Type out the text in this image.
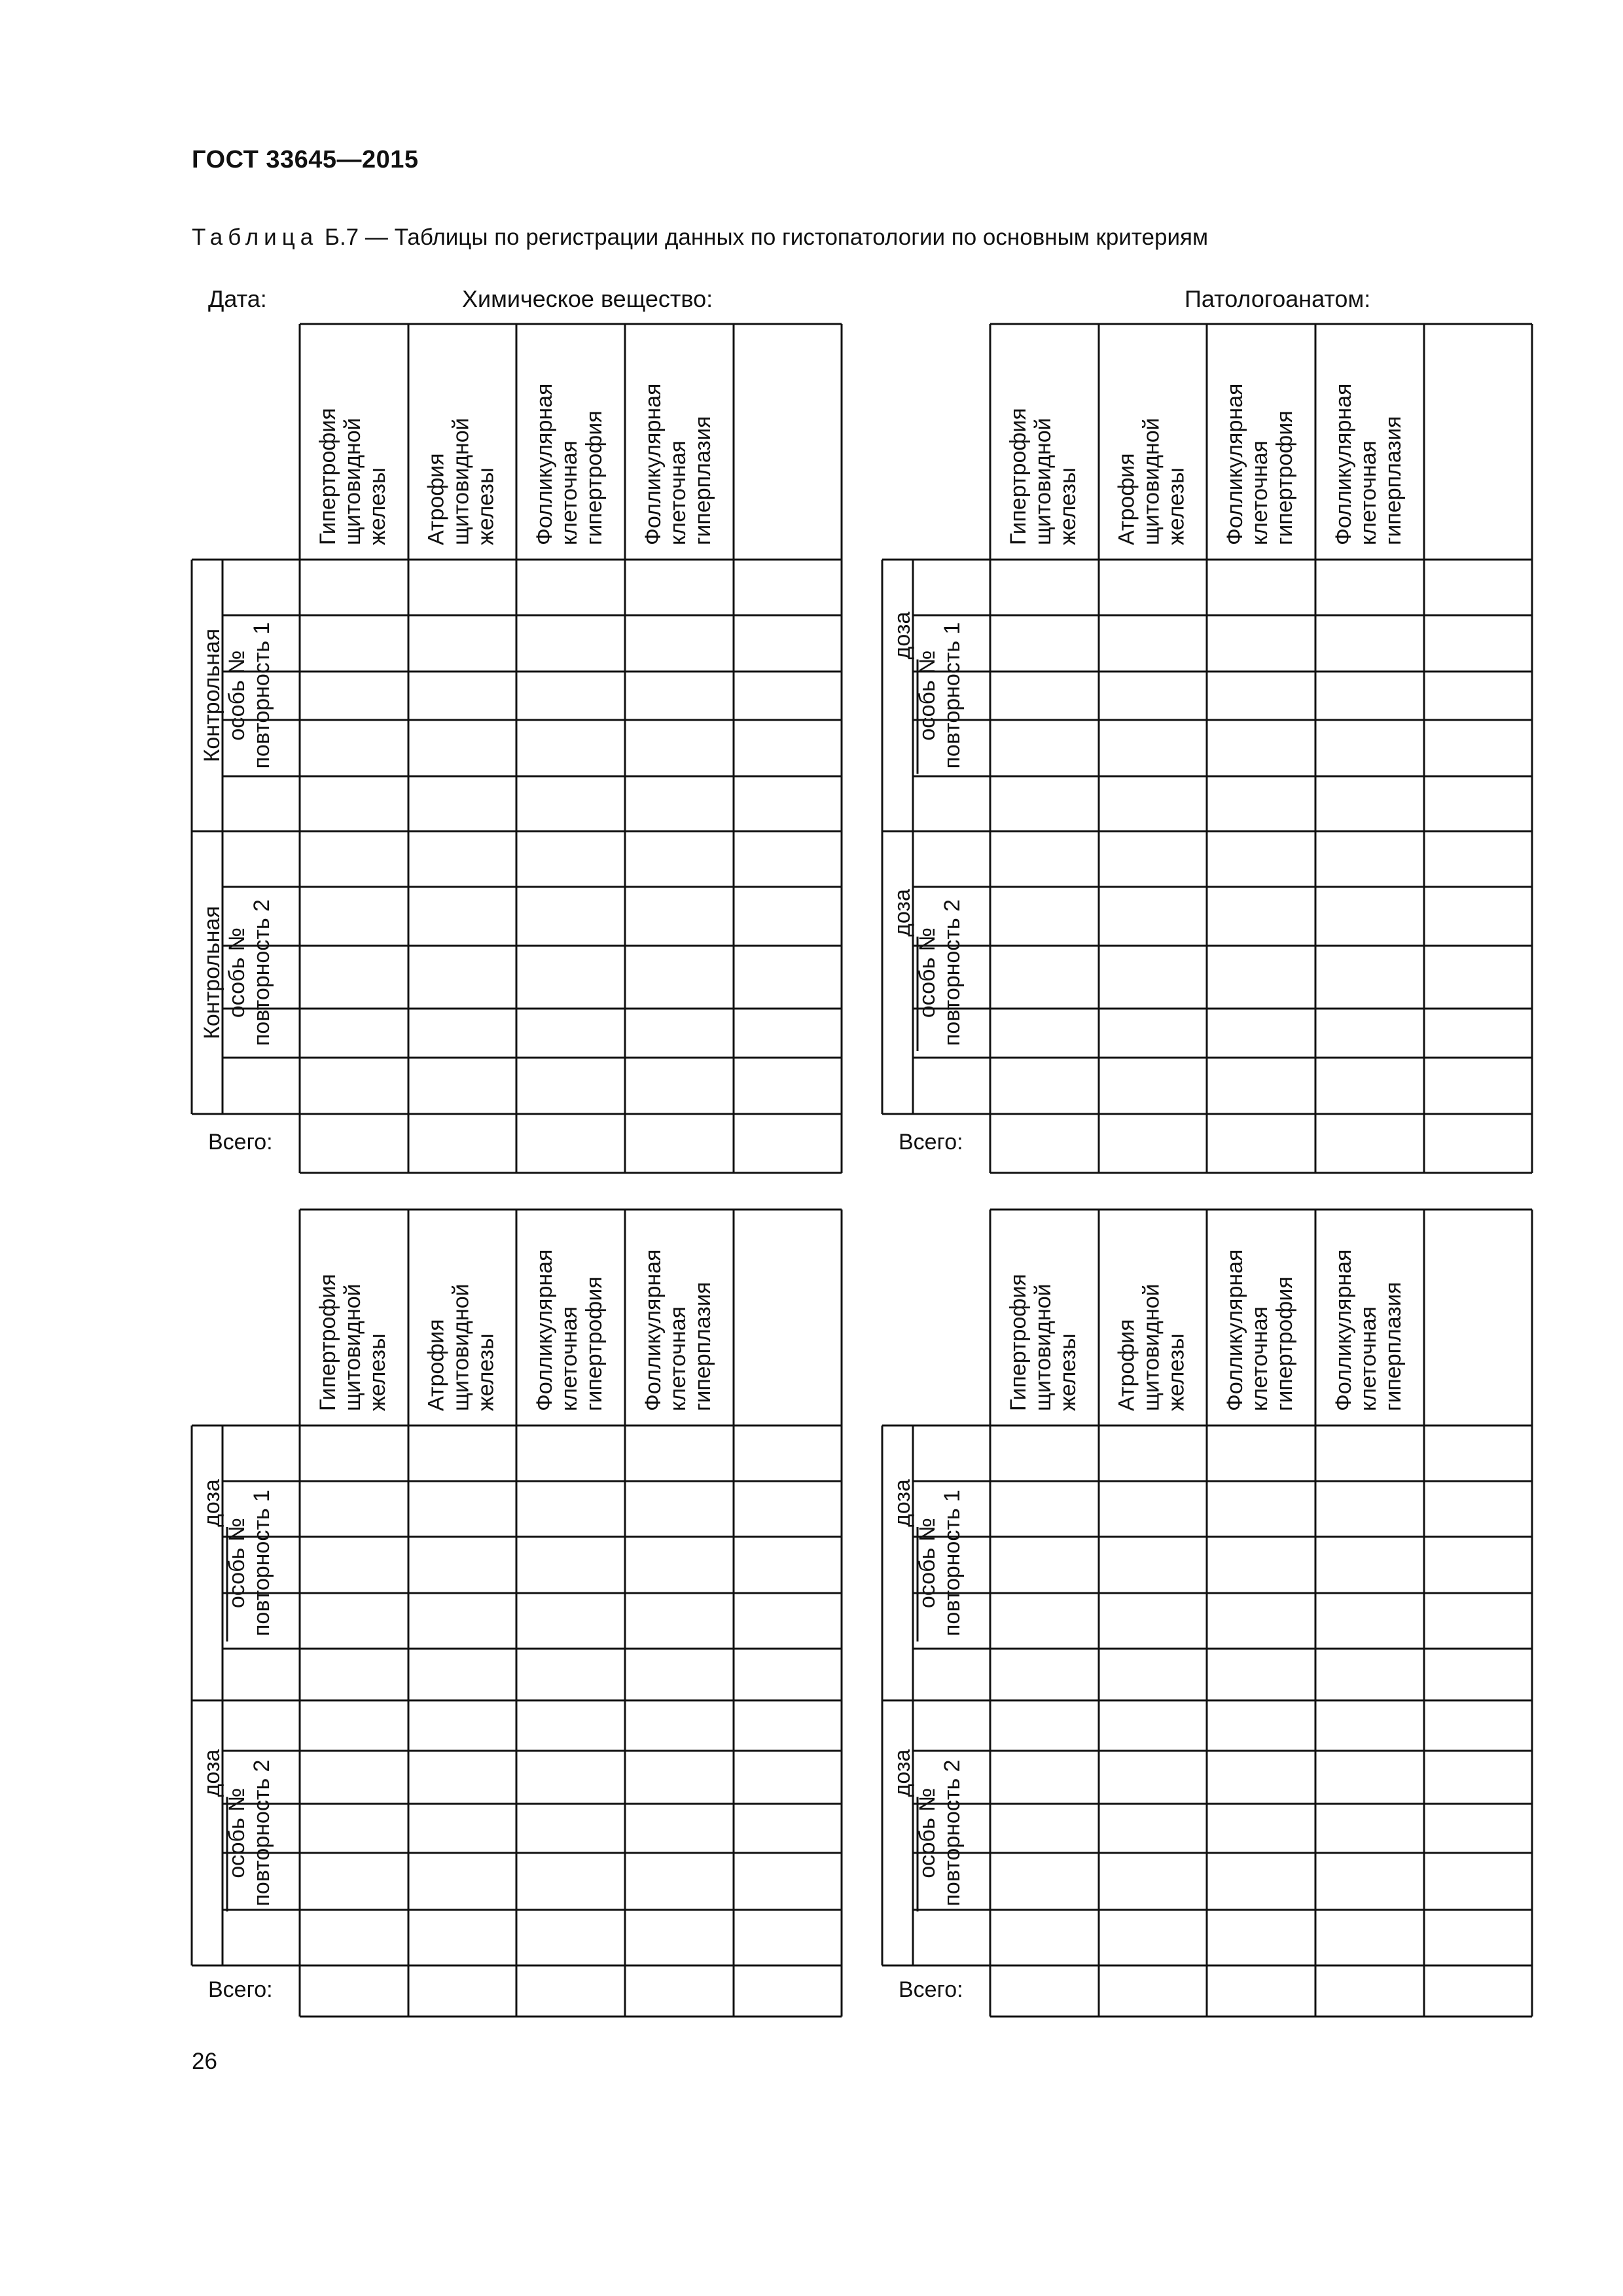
ГОСТ 33645—2015
Таблица Б.7 — Таблицы по регистрации данных по гистопатологии по основным критериям
Дата:	Химическое вещество:	Патологоанатом:
Гипертрофия щитовидной железы Атрофия щитовидной железы Фолликулярная клеточная гипертрофия Фолликулярная клеточная гиперплазия
Контрольная особь № повторность 1
Контрольная особь № повторность 2
Всего:
Гипертрофия щитовидной железы Атрофия щитовидной железы Фолликулярная клеточная гипертрофия Фолликулярная клеточная гиперплазия
доза
особь № повторность 1
доза
особь № повторность 2
Всего:
Гипертрофия щитовидной железы Атрофия щитовидной железы Фолликулярная клеточная гипертрофия Фолликулярная клеточная гиперплазия
доза
особь № повторность 1
доза
особь № повторность 2
Всего:
Гипертрофия щитовидной железы Атрофия щитовидной железы Фолликулярная клеточная гипертрофия Фолликулярная клеточная гиперплазия
доза
особь № повторность 1
доза
особь № повторность 2
Всего:
26
